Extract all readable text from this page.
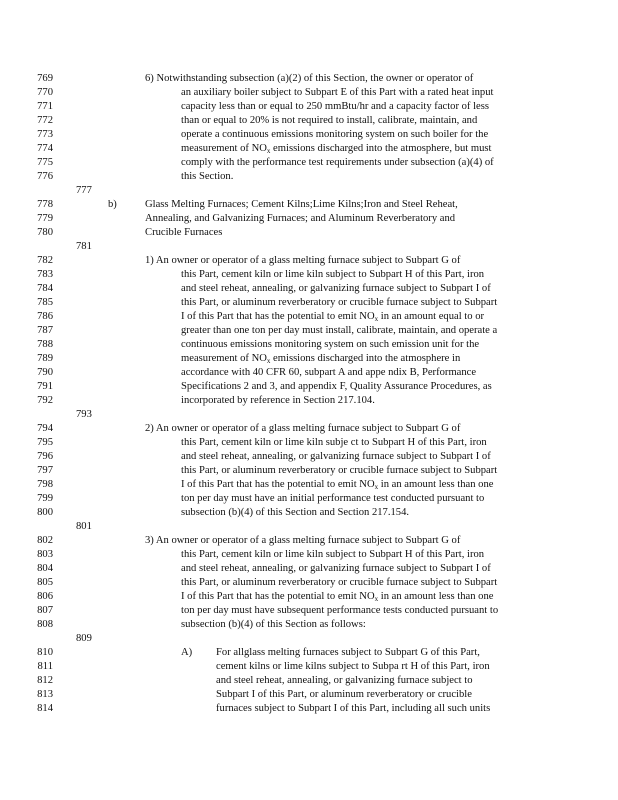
769	6) Notwithstanding subsection (a)(2) of this Section, the owner or operator of
770	an auxiliary boiler subject to Subpart E of this Part with a rated heat input
771	capacity less than or equal to 250 mmBtu/hr and a capacity factor of less
772	than or equal to 20% is not required to install, calibrate, maintain, and
773	operate a continuous emissions monitoring system on such boiler for the
774	measurement of $NO_x$ emissions discharged into the atmosphere, but must
775	comply with the performance test requirements under subsection (a)(4) of
776	this Section.
777
778	b)	Glass Melting Furnaces; Cement Kilns;Lime Kilns;Iron and Steel Reheat,
779	Annealing, and Galvanizing Furnaces; and Aluminum Reverberatory and
780	Crucible Furnaces
781
782	1) An owner or operator of a glass melting furnace subject to Subpart G of
783	this Part, cement kiln or lime kiln subject to Subpart H of this Part, iron
784	and steel reheat, annealing, or galvanizing furnace subject to Subpart I of
785	this Part, or aluminum reverberatory or crucible furnace subject to Subpart
786	I of this Part that has the potential to emit $NO_x$ in an amount equal to or
787	greater than one ton per day must install, calibrate, maintain, and operate a
788	continuous emissions monitoring system on such emission unit for the
789	measurement of $NO_x$ emissions discharged into the atmosphere in
790	accordance with 40 CFR 60, subpart A and appe ndix B, Performance
791	Specifications 2 and 3, and appendix F, Quality Assurance Procedures, as
792	incorporated by reference in Section 217.104.
793
794	2) An owner or operator of a glass melting furnace subject to Subpart G of
795	this Part, cement kiln or lime kiln subje ct to Subpart H of this Part, iron
796	and steel reheat, annealing, or galvanizing furnace subject to Subpart I of
797	this Part, or aluminum reverberatory or crucible furnace subject to Subpart
798	I of this Part that has the potential to emit $NO_x$ in an amount less than one
799	ton per day must have an initial performance test conducted pursuant to
800	subsection (b)(4) of this Section and Section 217.154.
801
802	3) An owner or operator of a glass melting furnace subject to Subpart G of
803	this Part, cement kiln or lime kiln subject to Subpart H of this Part, iron
804	and steel reheat, annealing, or galvanizing furnace subject to Subpart I of
805	this Part, or aluminum reverberatory or crucible furnace subject to Subpart
806	I of this Part that has the potential to emit $NO_x$ in an amount less than one
807	ton per day must have subsequent performance tests conducted pursuant to
808	subsection (b)(4) of this Section as follows:
809
810	A) For allglass melting furnaces subject to Subpart G of this Part,
811	cement kilns or lime kilns subject to Subpa rt H of this Part, iron
812	and steel reheat, annealing, or galvanizing furnace subject to
813	Subpart I of this Part, or aluminum reverberatory or crucible
814	furnaces subject to Subpart I of this Part, including all such units
